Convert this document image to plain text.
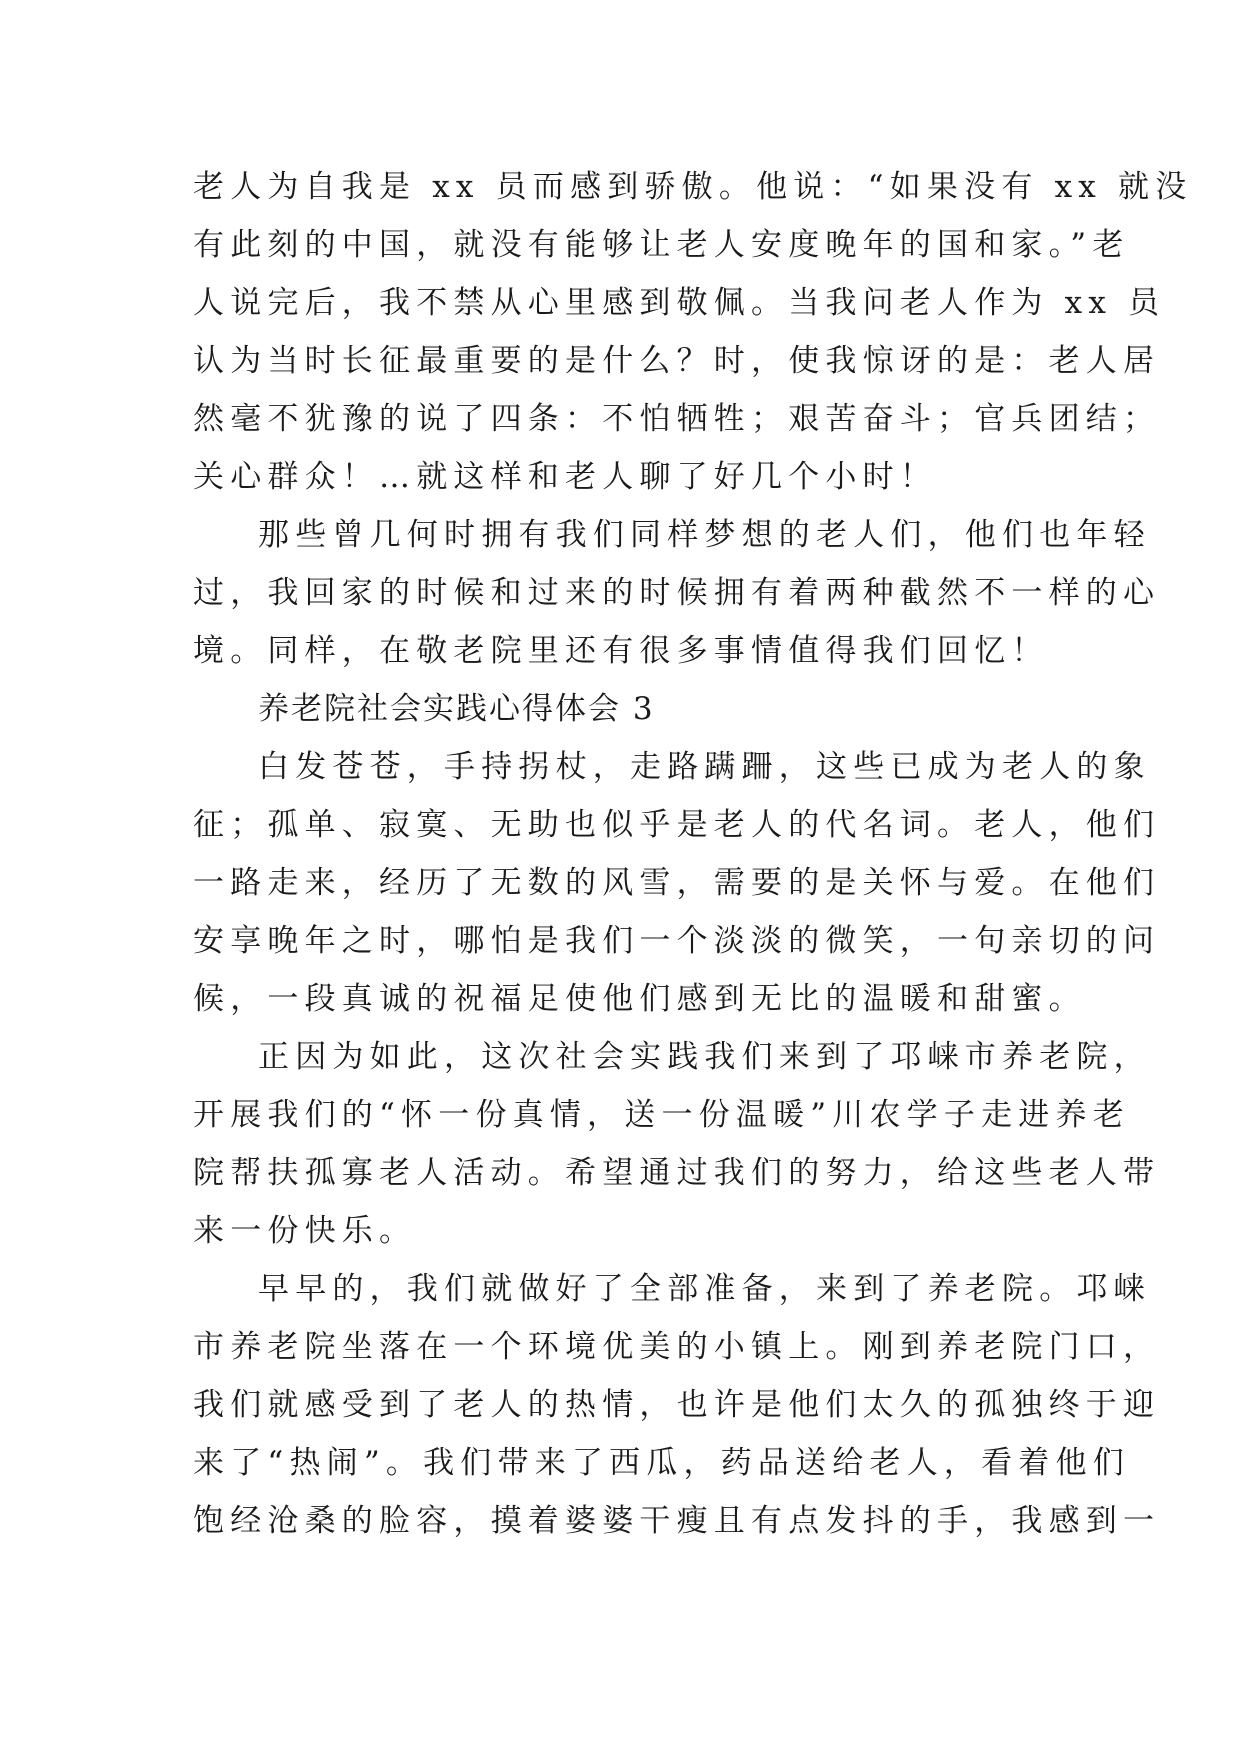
老人为自我是 xx 员而感到骄傲。他说：“如果没有 xx 就没
有此刻的中国，就没有能够让老人安度晚年的国和家。”老
人说完后，我不禁从心里感到敬佩。当我问老人作为 xx 员
认为当时长征最重要的是什么？时，使我惊讶的是：老人居
然毫不犹豫的说了四条：不怕牺牲；艰苦奋斗；官兵团结；
关心群众！…就这样和老人聊了好几个小时！
那些曾几何时拥有我们同样梦想的老人们，他们也年轻
过，我回家的时候和过来的时候拥有着两种截然不一样的心
境。同样，在敬老院里还有很多事情值得我们回忆！
养老院社会实践心得体会 3
白发苍苍，手持拐杖，走路蹒跚，这些已成为老人的象
征；孤单、寂寞、无助也似乎是老人的代名词。老人，他们
一路走来，经历了无数的风雪，需要的是关怀与爱。在他们
安享晚年之时，哪怕是我们一个淡淡的微笑，一句亲切的问
候，一段真诚的祝福足使他们感到无比的温暖和甜蜜。
正因为如此，这次社会实践我们来到了邛崃市养老院，
开展我们的“怀一份真情，送一份温暖”川农学子走进养老
院帮扶孤寡老人活动。希望通过我们的努力，给这些老人带
来一份快乐。
早早的，我们就做好了全部准备，来到了养老院。邛崃
市养老院坐落在一个环境优美的小镇上。刚到养老院门口，
我们就感受到了老人的热情，也许是他们太久的孤独终于迎
来了“热闹”。我们带来了西瓜，药品送给老人，看着他们
饱经沧桑的脸容，摸着婆婆干瘦且有点发抖的手，我感到一
